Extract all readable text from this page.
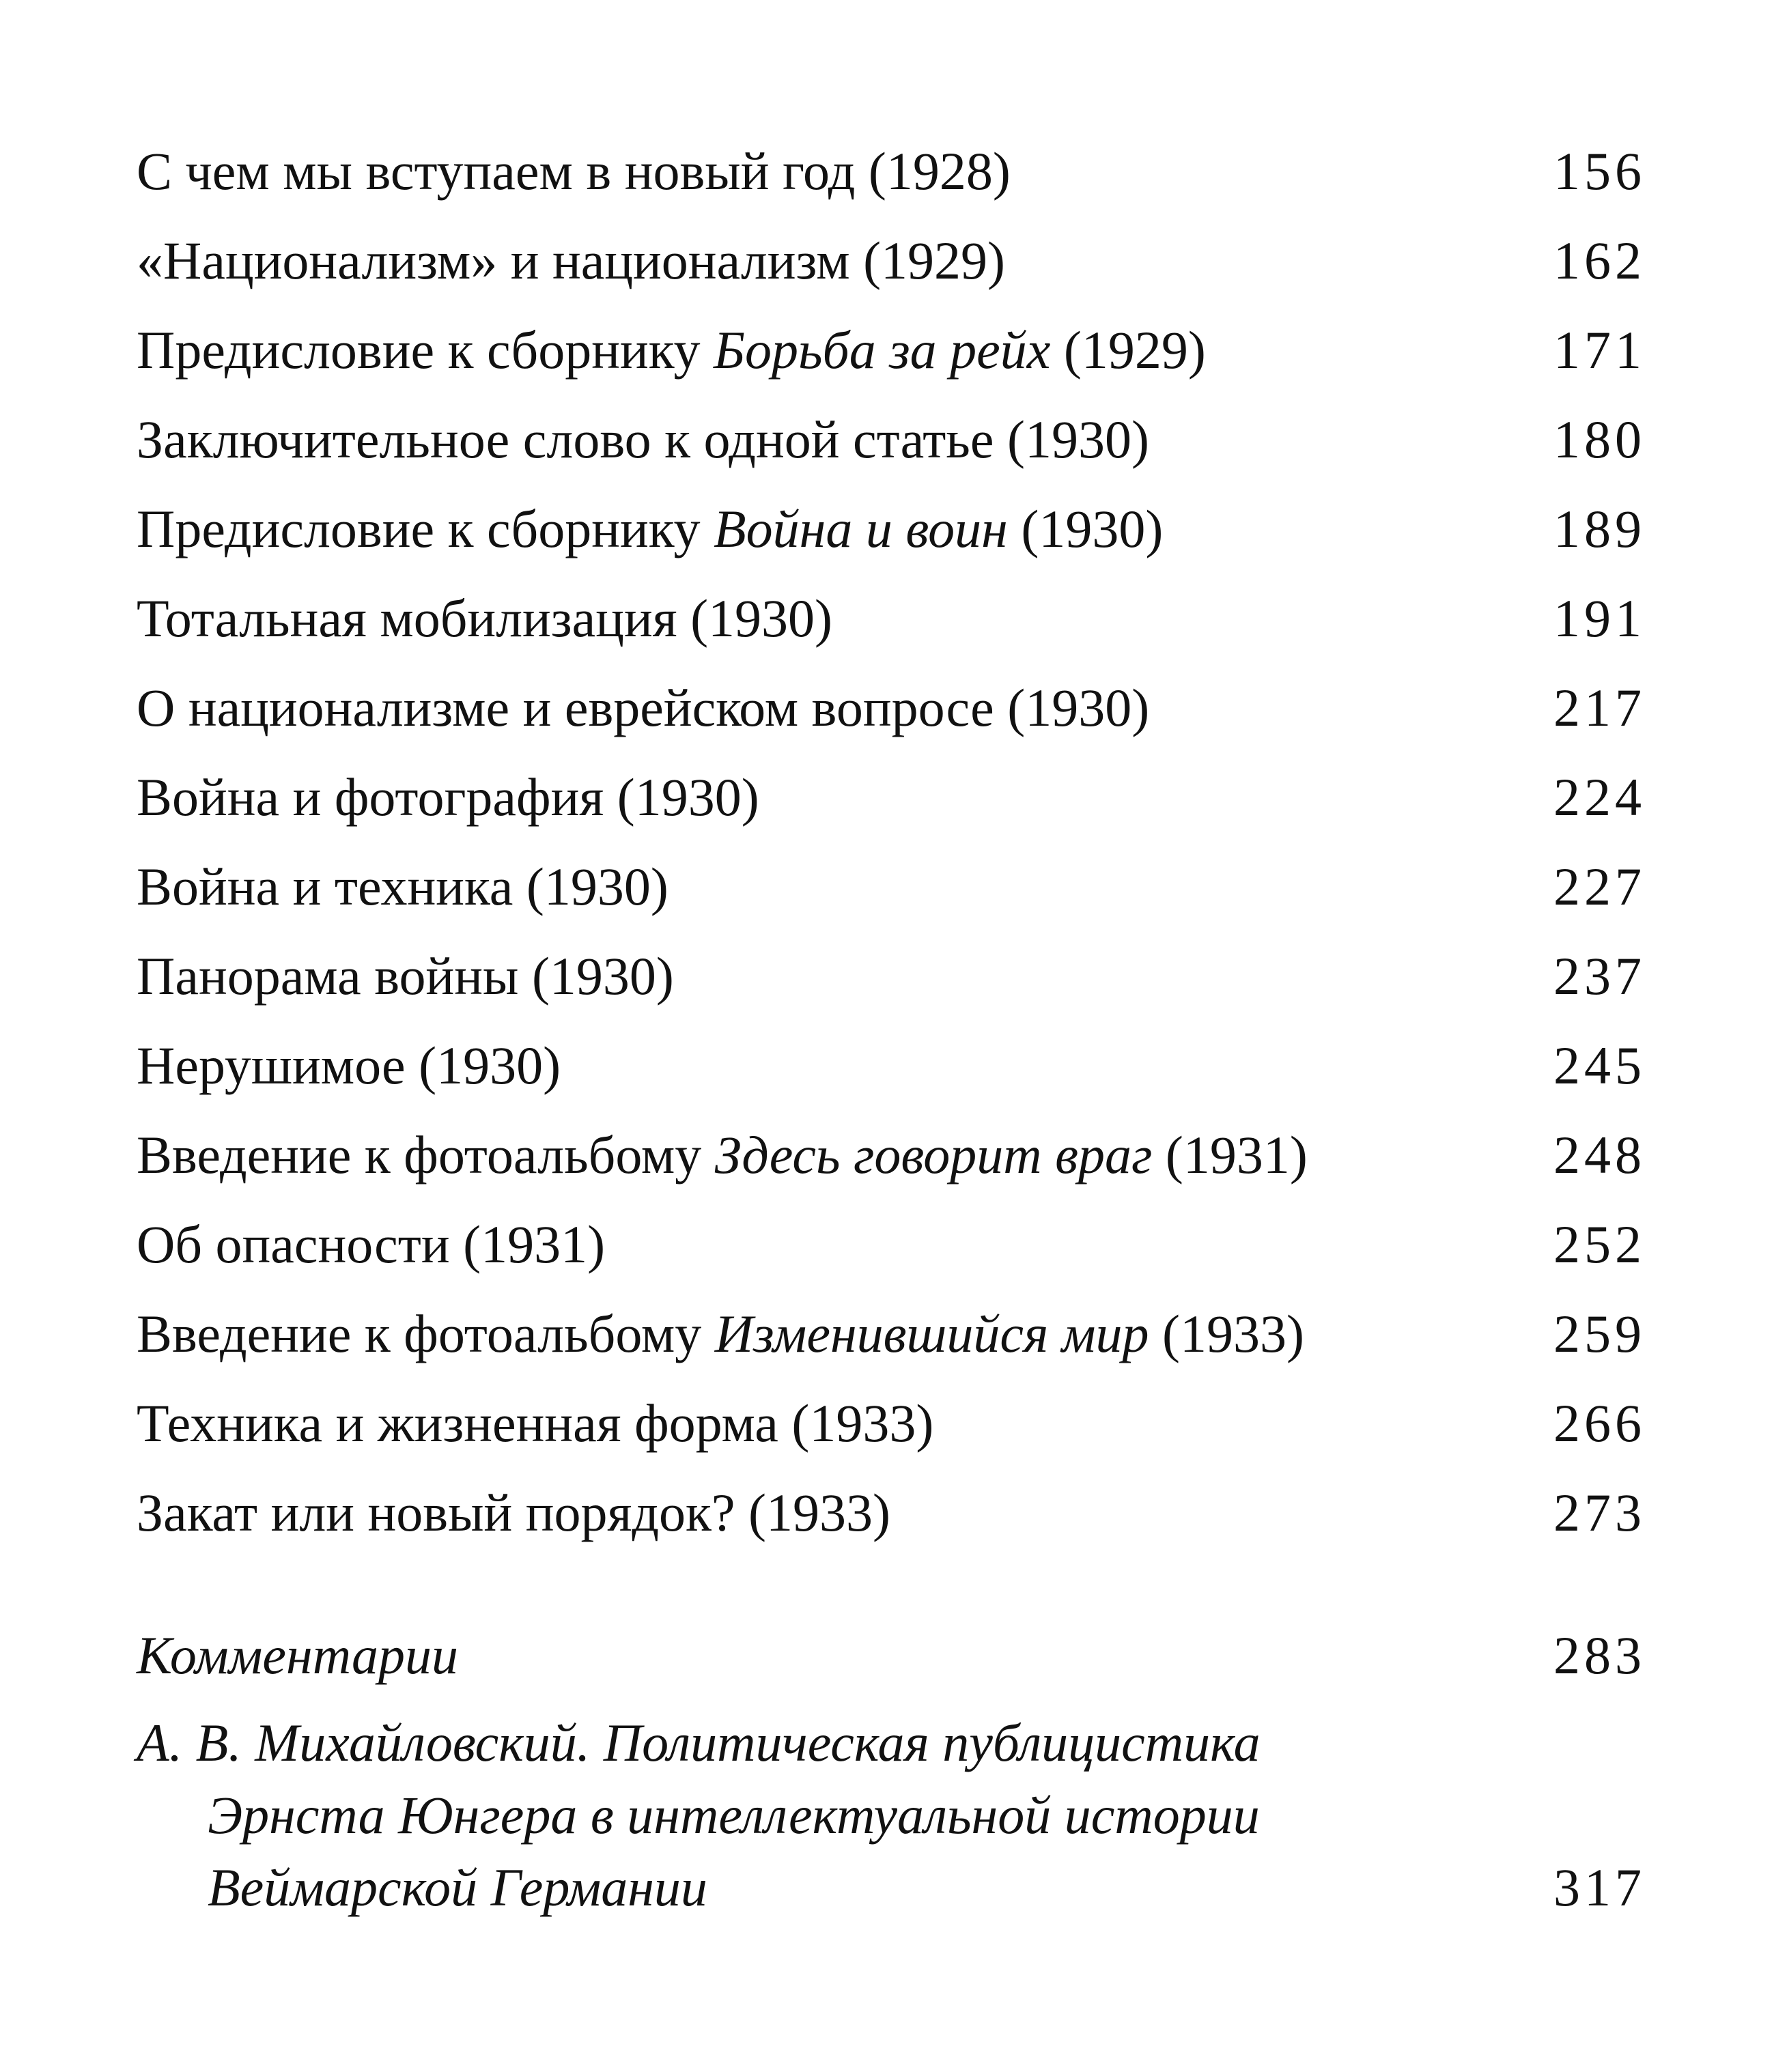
С чем мы вступаем в новый год (1928)	156
«Национализм» и национализм (1929)	162
Предисловие к сборнику Борьба за рейх (1929)	171
Заключительное слово к одной статье (1930)	180
Предисловие к сборнику Война и воин (1930)	189
Тотальная мобилизация (1930)	191
О национализме и еврейском вопросе (1930)	217
Война и фотография (1930)	224
Война и техника (1930)	227
Панорама войны (1930)	237
Нерушимое (1930)	245
Введение к фотоальбому Здесь говорит враг (1931)	248
Об опасности (1931)	252
Введение к фотоальбому Изменившийся мир (1933)	259
Техника и жизненная форма (1933)	266
Закат или новый порядок? (1933)	273
Комментарии	283
А. В. Михайловский. Политическая публицистика
Эрнста Юнгера в интеллектуальной истории
Веймарской Германии	317
